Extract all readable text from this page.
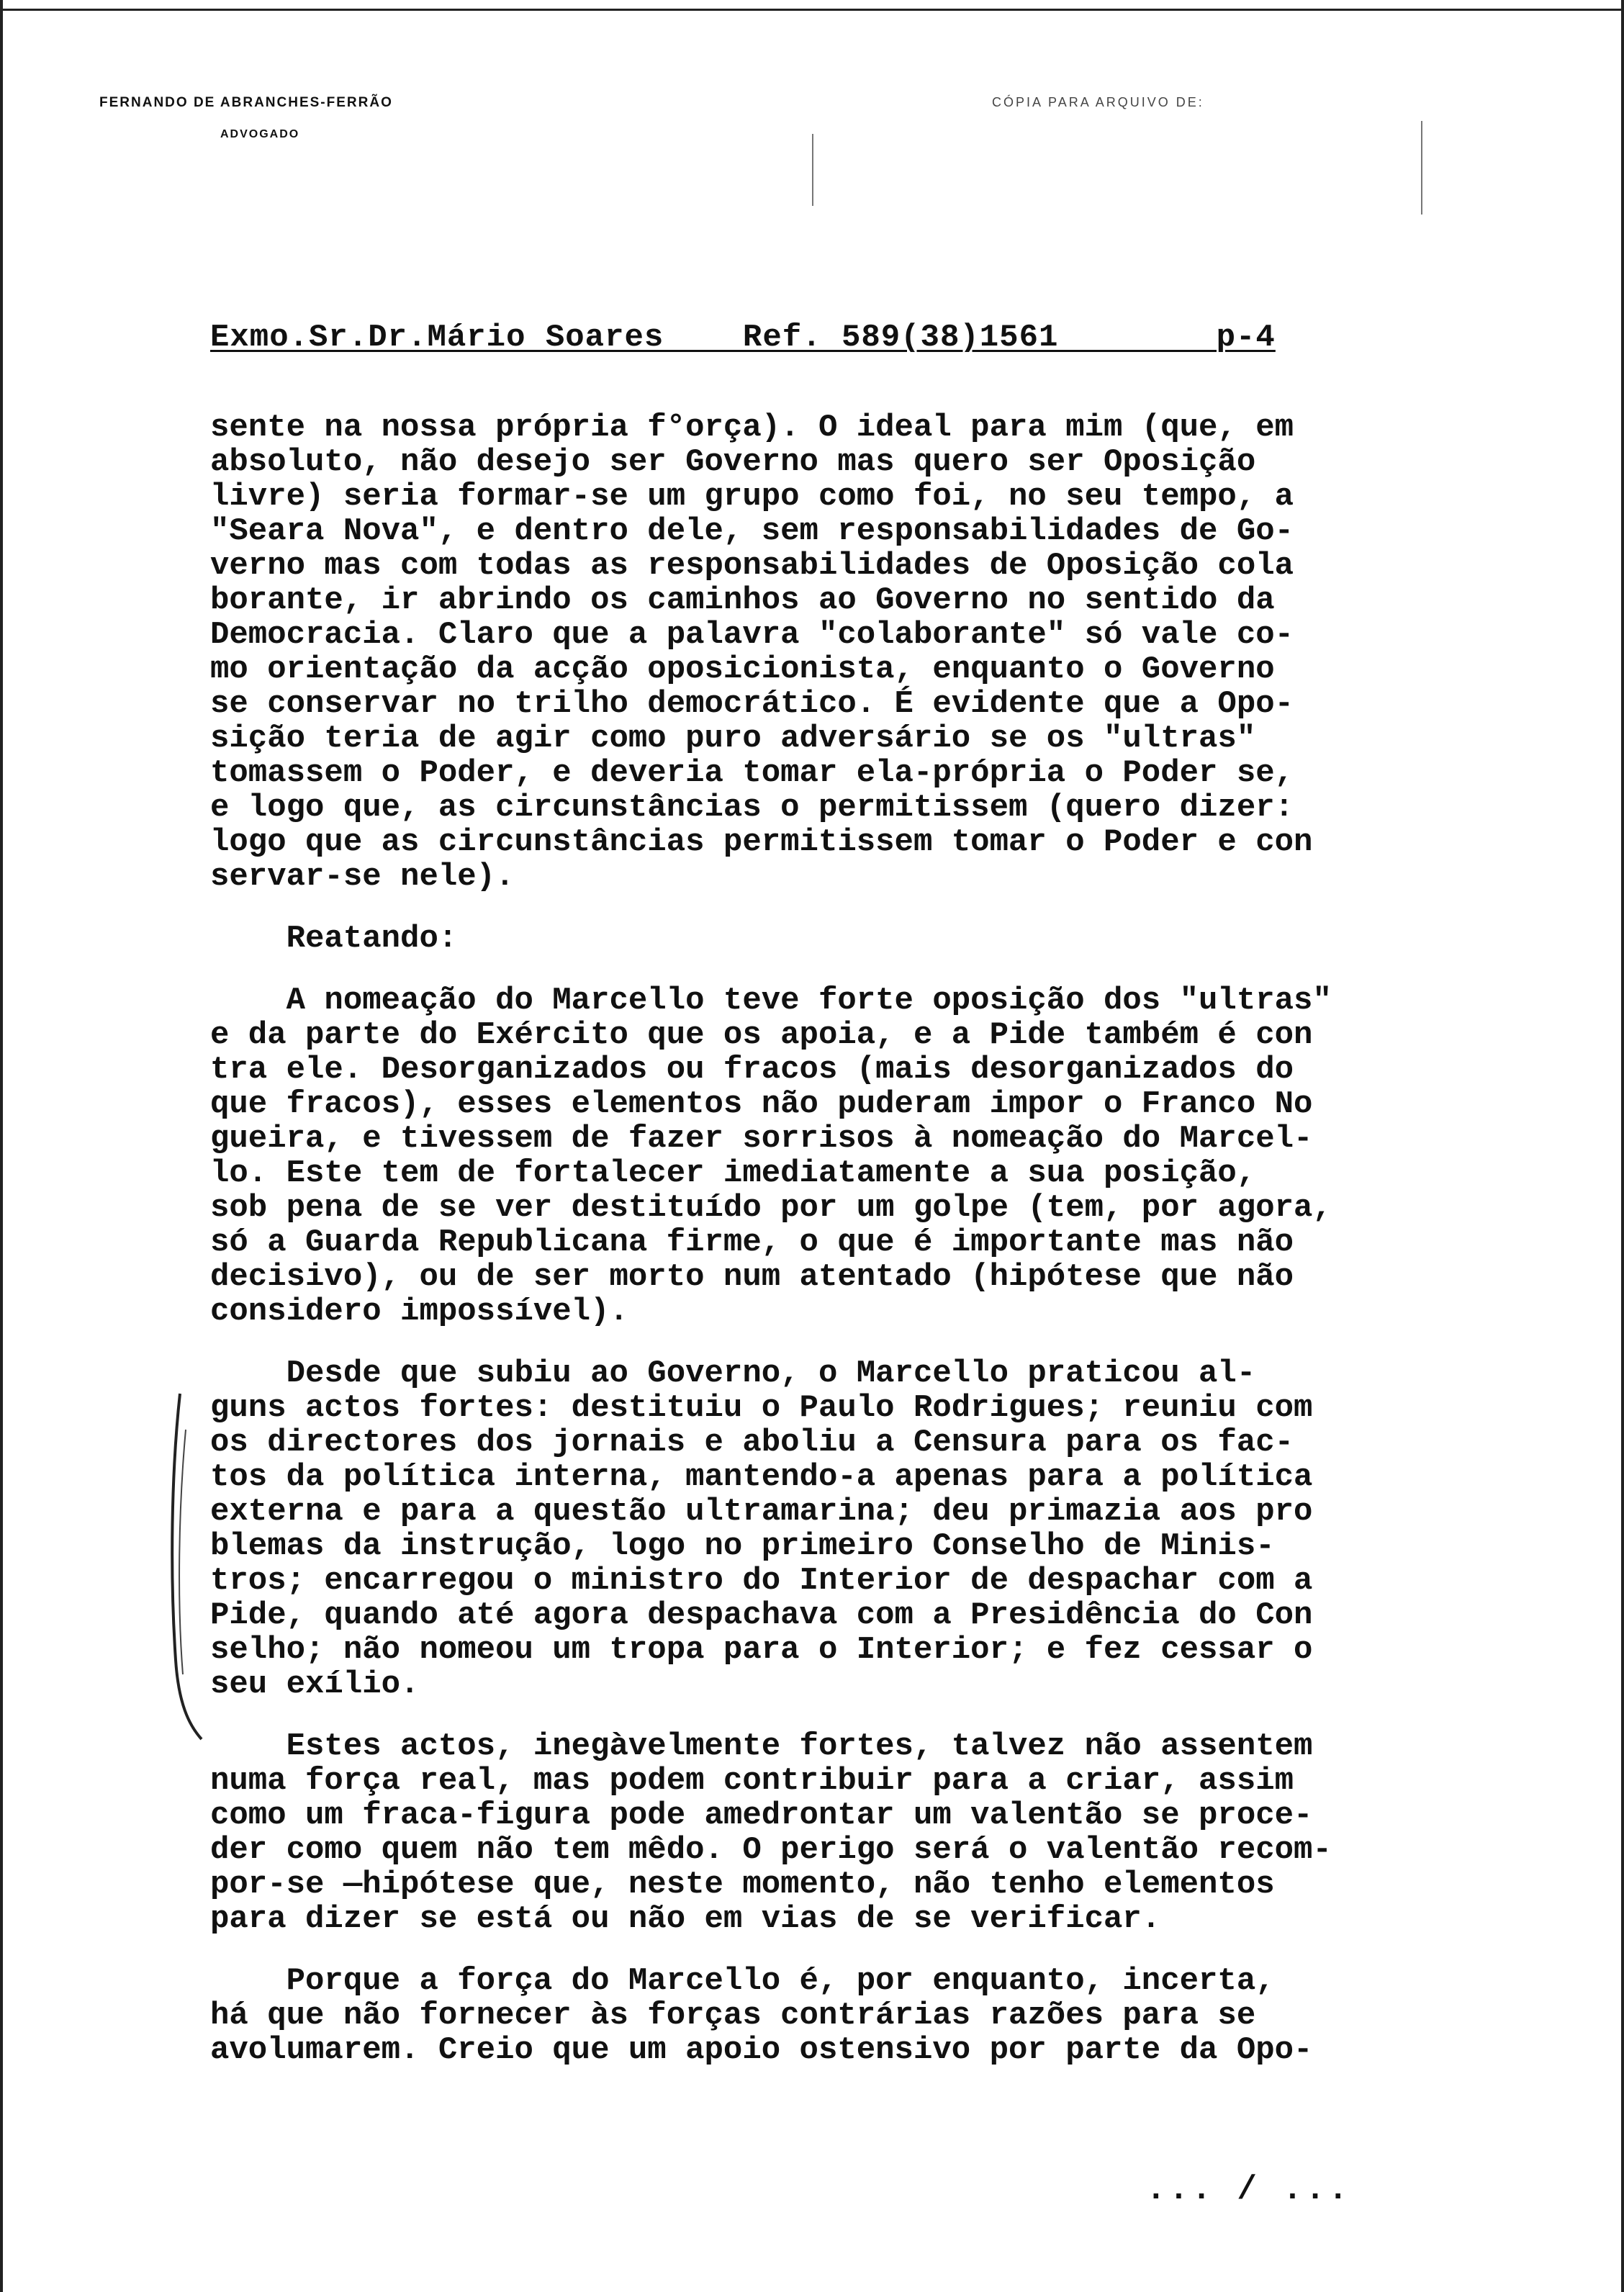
FERNANDO DE ABRANCHES-FERRÃO
ADVOGADO
CÓPIA PARA ARQUIVO DE:
Exmo.Sr.Dr.Mário Soares    Ref. 589(38)1561        p-4
sente na nossa própria f°orça). O ideal para mim (que, em
absoluto, não desejo ser Governo mas quero ser Oposição
livre) seria formar-se um grupo como foi, no seu tempo, a
"Seara Nova", e dentro dele, sem responsabilidades de Go-
verno mas com todas as responsabilidades de Oposição cola
borante, ir abrindo os caminhos ao Governo no sentido da
Democracia. Claro que a palavra "colaborante" só vale co-
mo orientação da acção oposicionista, enquanto o Governo
se conservar no trilho democrático. É evidente que a Opo-
sição teria de agir como puro adversário se os "ultras"
tomassem o Poder, e deveria tomar ela-própria o Poder se,
e logo que, as circunstâncias o permitissem (quero dizer:
logo que as circunstâncias permitissem tomar o Poder e con
servar-se nele).
Reatando:
A nomeação do Marcello teve forte oposição dos "ultras"
e da parte do Exército que os apoia, e a Pide também é con
tra ele. Desorganizados ou fracos (mais desorganizados do
que fracos), esses elementos não puderam impor o Franco No
gueira, e tivessem de fazer sorrisos à nomeação do Marcel-
lo. Este tem de fortalecer imediatamente a sua posição,
sob pena de se ver destituído por um golpe (tem, por agora,
só a Guarda Republicana firme, o que é importante mas não
decisivo), ou de ser morto num atentado (hipótese que não
considero impossível).
Desde que subiu ao Governo, o Marcello praticou al-
guns actos fortes: destituiu o Paulo Rodrigues; reuniu com
os directores dos jornais e aboliu a Censura para os fac-
tos da política interna, mantendo-a apenas para a política
externa e para a questão ultramarina; deu primazia aos pro
blemas da instrução, logo no primeiro Conselho de Minis-
tros; encarregou o ministro do Interior de despachar com a
Pide, quando até agora despachava com a Presidência do Con
selho; não nomeou um tropa para o Interior; e fez cessar o
seu exílio.
Estes actos, inegàvelmente fortes, talvez não assentem
numa força real, mas podem contribuir para a criar, assim
como um fraca-figura pode amedrontar um valentão se proce-
der como quem não tem mêdo. O perigo será o valentão recom-
por-se —hipótese que, neste momento, não tenho elementos
para dizer se está ou não em vias de se verificar.
Porque a força do Marcello é, por enquanto, incerta,
há que não fornecer às forças contrárias razões para se
avolumarem. Creio que um apoio ostensivo por parte da Opo-
... / ...
